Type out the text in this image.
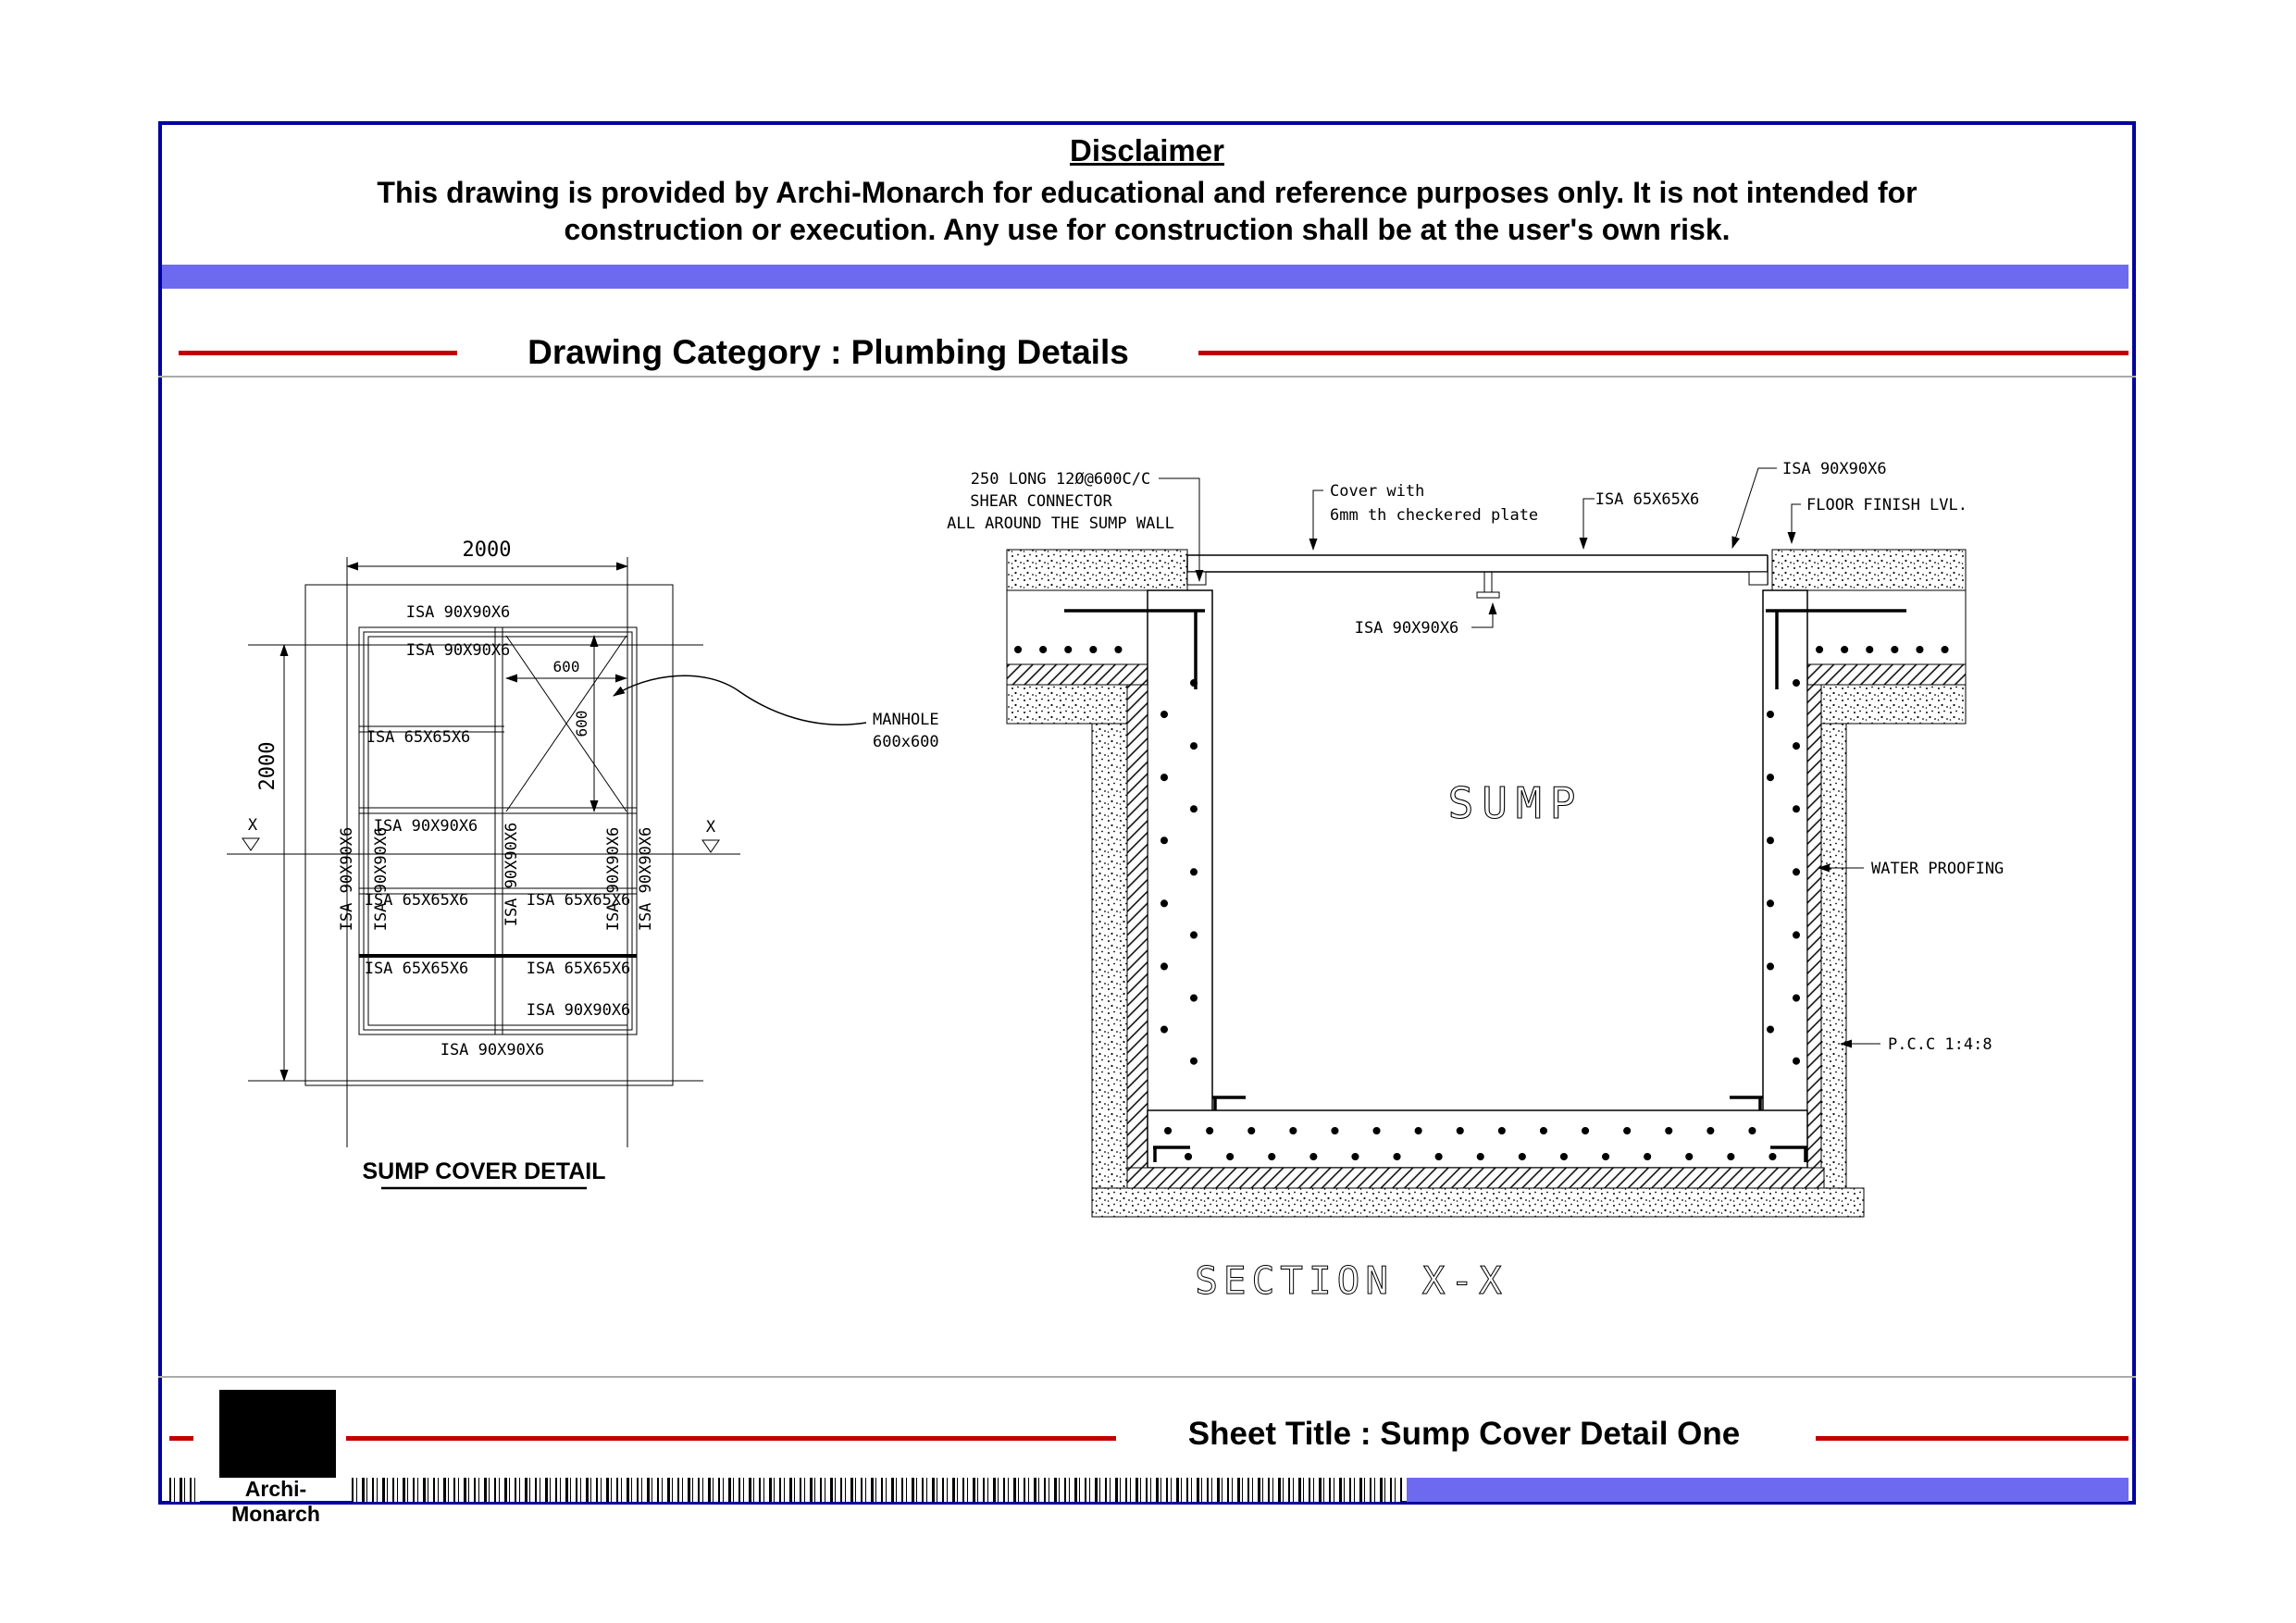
Disclaimer
This drawing is provided by Archi-Monarch for educational and reference purposes only. It is not intended for
construction or execution. Any use for construction shall be at the user's own risk.
Drawing Category : Plumbing Details
2000
2000
600
600
ISA 90X90X6
ISA 90X90X6
ISA 65X65X6
ISA 90X90X6
ISA 65X65X6	ISA 65X65X6
ISA 65X65X6	ISA 65X65X6
ISA 90X90X6
ISA 90X90X6
ISA 90X90X6 ISA 90X90X6	ISA 90X90X6	ISA 90X90X6 ISA 90X90X6
X	X
MANHOLE
600x600
SUMP COVER DETAIL
250 LONG 12Ø@600C/C
SHEAR CONNECTOR
ALL AROUND THE SUMP WALL
Cover with
6mm th checkered plate
ISA 65X65X6
ISA 90X90X6
FLOOR FINISH LVL.
ISA 90X90X6
WATER PROOFING
P.C.C 1:4:8
SUMP
SECTION X-X
Sheet Title : Sump Cover Detail One
Archi-Monarch
